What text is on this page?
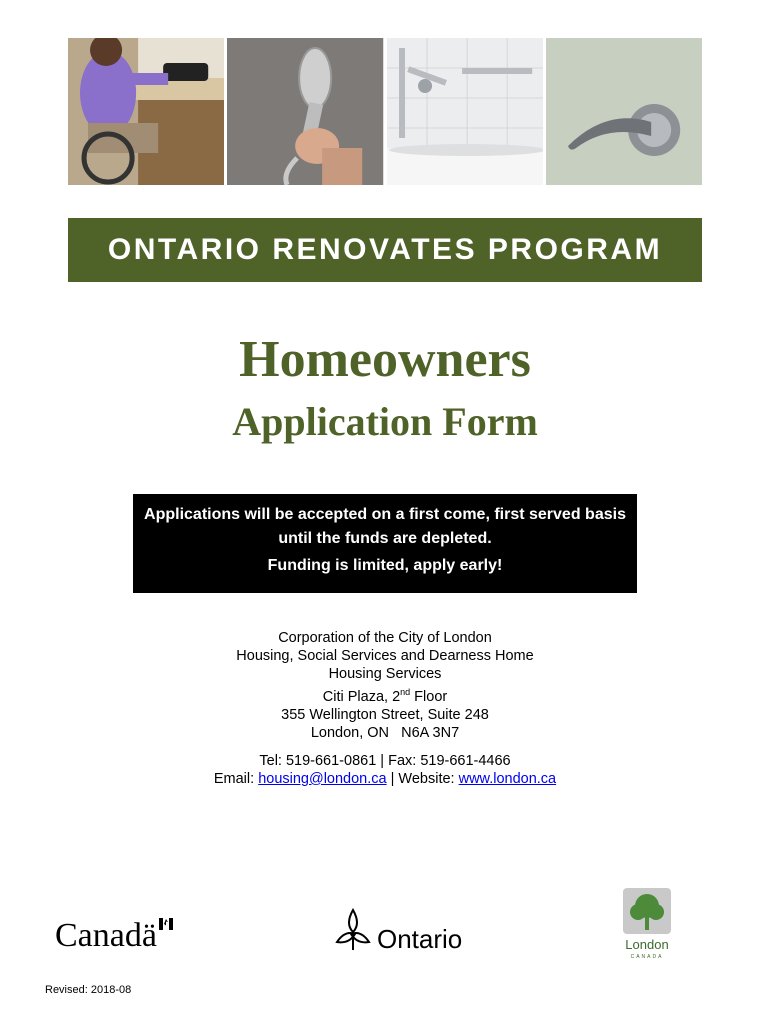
ONTARIO RENOVATES PROGRAM
Homeowners
Application Form
Applications will be accepted on a first come, first served basis until the funds are depleted.
Funding is limited, apply early!
Corporation of the City of London
Housing, Social Services and Dearness Home
Housing Services
Citi Plaza, 2nd Floor
355 Wellington Street, Suite 248
London, ON   N6A 3N7
Tel: 519-661-0861 | Fax: 519-661-4466
Email: housing@london.ca | Website: www.london.ca
Canadä	Ontario	London
CANADA
Revised: 2018-08
